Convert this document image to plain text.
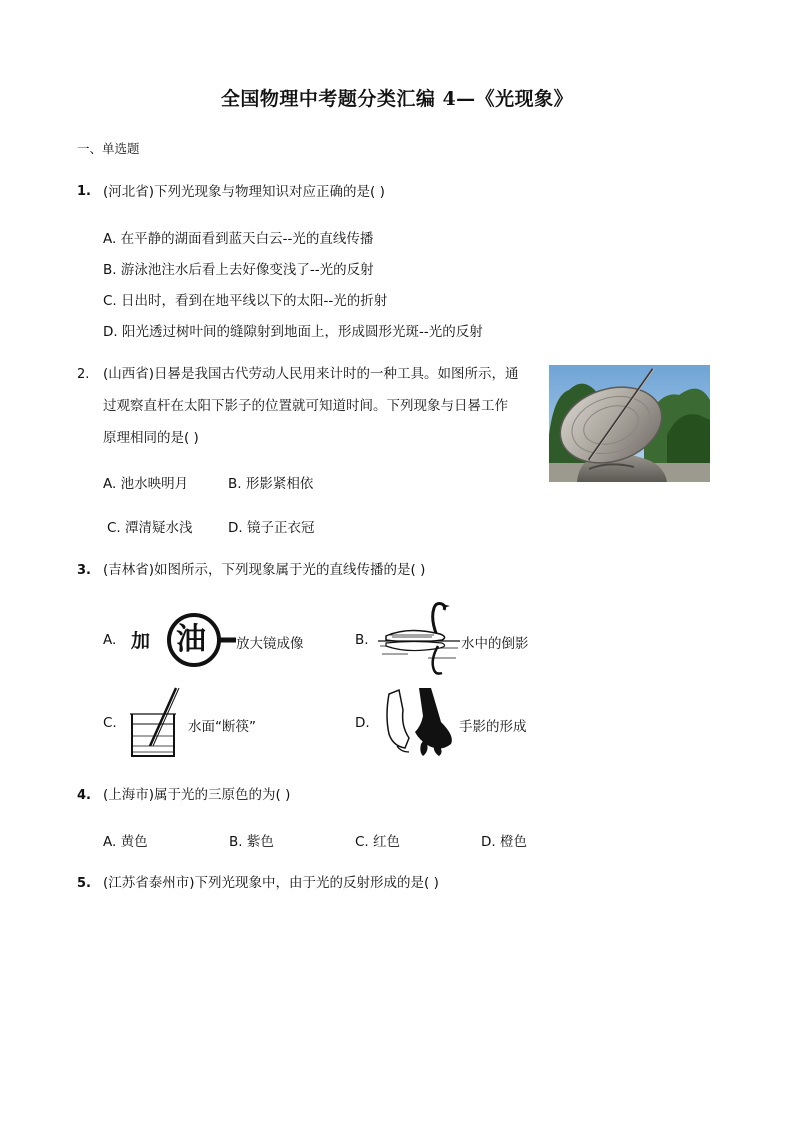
全国物理中考题分类汇编 4—《光现象》
一、单选题
1. (河北省)下列光现象与物理知识对应正确的是( )
A. 在平静的湖面看到蓝天白云--光的直线传播
B. 游泳池注水后看上去好像变浅了--光的反射
C. 日出时，看到在地平线以下的太阳--光的折射
D. 阳光透过树叶间的缝隙射到地面上，形成圆形光斑--光的反射
2. (山西省)日晷是我国古代劳动人民用来计时的一种工具。如图所示，通
过观察直杆在太阳下影子的位置就可知道时间。下列现象与日晷工作
原理相同的是( )
A. 池水映明月	B. 形影紧相依
C. 潭清疑水浅	D. 镜子正衣冠
3. (吉林省)如图所示，下列现象属于光的直线传播的是( )
A. 加 油 放大镜成像	B.	水中的倒影
C.	水面“断筷”	D.	手影的形成
4. (上海市)属于光的三原色的为( )
A. 黄色	B. 紫色	C. 红色	D. 橙色
5. (江苏省泰州市)下列光现象中，由于光的反射形成的是( )
